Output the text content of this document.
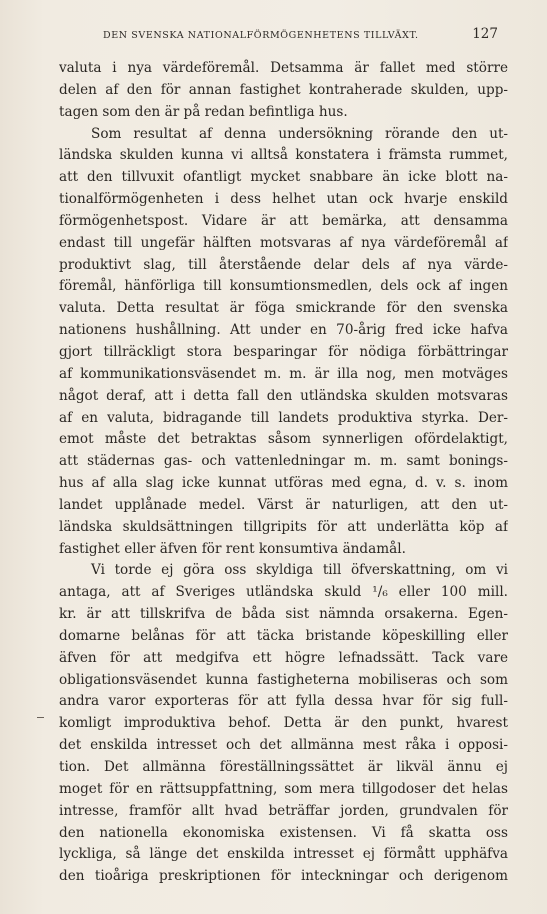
DEN SVENSKA NATIONALFÖRMÖGENHETENS TILLVÄXT.	127
valuta i nya värdeföremål. Detsamma är fallet med större
delen af den för annan fastighet kontraherade skulden, upp-
tagen som den är på redan befintliga hus.
Som resultat af denna undersökning rörande den ut-
ländska skulden kunna vi alltså konstatera i främsta rummet,
att den tillvuxit ofantligt mycket snabbare än icke blott na-
tionalförmögenheten i dess helhet utan ock hvarje enskild
förmögenhetspost. Vidare är att bemärka, att densamma
endast till ungefär hälften motsvaras af nya värdeföremål af
produktivt slag, till återstående delar dels af nya värde-
föremål, hänförliga till konsumtionsmedlen, dels ock af ingen
valuta. Detta resultat är föga smickrande för den svenska
nationens hushållning. Att under en 70-årig fred icke hafva
gjort tillräckligt stora besparingar för nödiga förbättringar
af kommunikationsväsendet m. m. är illa nog, men motväges
något deraf, att i detta fall den utländska skulden motsvaras
af en valuta, bidragande till landets produktiva styrka. Der-
emot måste det betraktas såsom synnerligen ofördelaktigt,
att städernas gas- och vattenledningar m. m. samt bonings-
hus af alla slag icke kunnat utföras med egna, d. v. s. inom
landet upplånade medel. Värst är naturligen, att den ut-
ländska skuldsättningen tillgripits för att underlätta köp af
fastighet eller äfven för rent konsumtiva ändamål.
Vi torde ej göra oss skyldiga till öfverskattning, om vi
antaga, att af Sveriges utländska skuld ¹/₆ eller 100 mill.
kr. är att tillskrifva de båda sist nämnda orsakerna. Egen-
domarne belånas för att täcka bristande köpeskilling eller
äfven för att medgifva ett högre lefnadssätt. Tack vare
obligationsväsendet kunna fastigheterna mobiliseras och som
andra varor exporteras för att fylla dessa hvar för sig full-
komligt improduktiva behof. Detta är den punkt, hvarest
det enskilda intresset och det allmänna mest råka i opposi-
tion. Det allmänna föreställningssättet är likväl ännu ej
moget för en rättsuppfattning, som mera tillgodoser det helas
intresse, framför allt hvad beträffar jorden, grundvalen för
den nationella ekonomiska existensen. Vi få skatta oss
lyckliga, så länge det enskilda intresset ej förmått upphäfva
den tioåriga preskriptionen för inteckningar och derigenom
